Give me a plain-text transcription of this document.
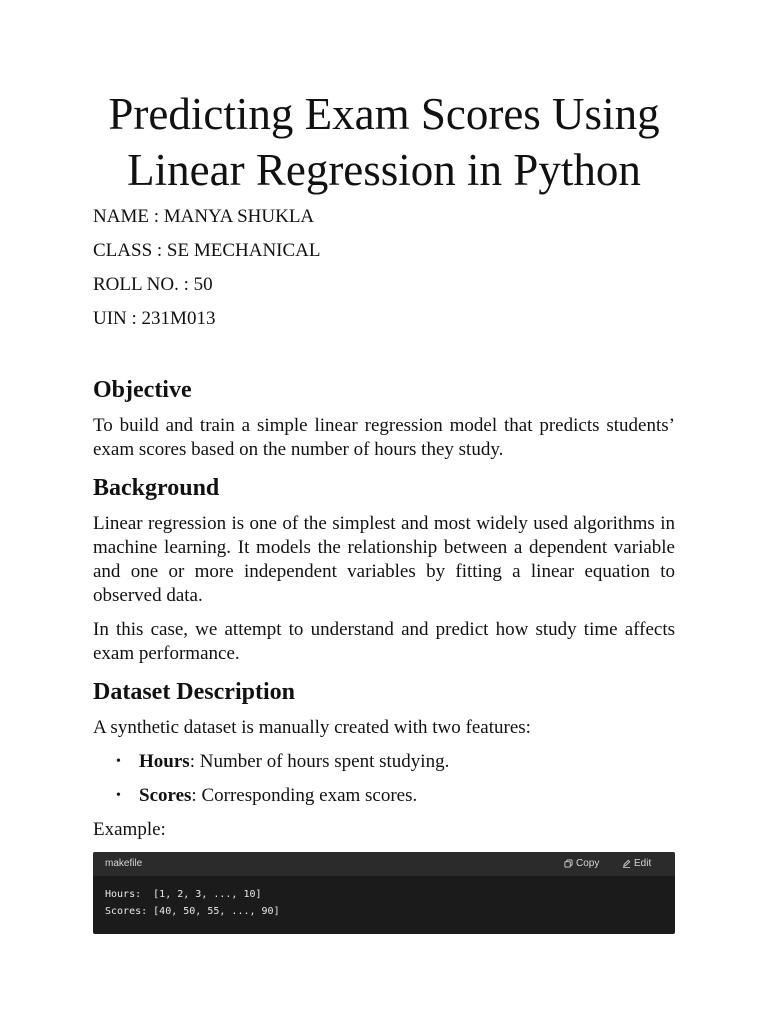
Predicting Exam Scores Using Linear Regression in Python

NAME : MANYA SHUKLA

CLASS : SE MECHANICAL

ROLL NO. : 50

UIN : 231M013

Objective

To build and train a simple linear regression model that predicts students’ exam scores based on the number of hours they study.

Background

Linear regression is one of the simplest and most widely used algorithms in machine learning. It models the relationship between a dependent variable and one or more independent variables by fitting a linear equation to observed data.

In this case, we attempt to understand and predict how study time affects exam performance.

Dataset Description

A synthetic dataset is manually created with two features:

• Hours: Number of hours spent studying.
• Scores: Corresponding exam scores.

Example:

makefile	Copy	Edit
Hours:  [1, 2, 3, ..., 10]
Scores: [40, 50, 55, ..., 90]
